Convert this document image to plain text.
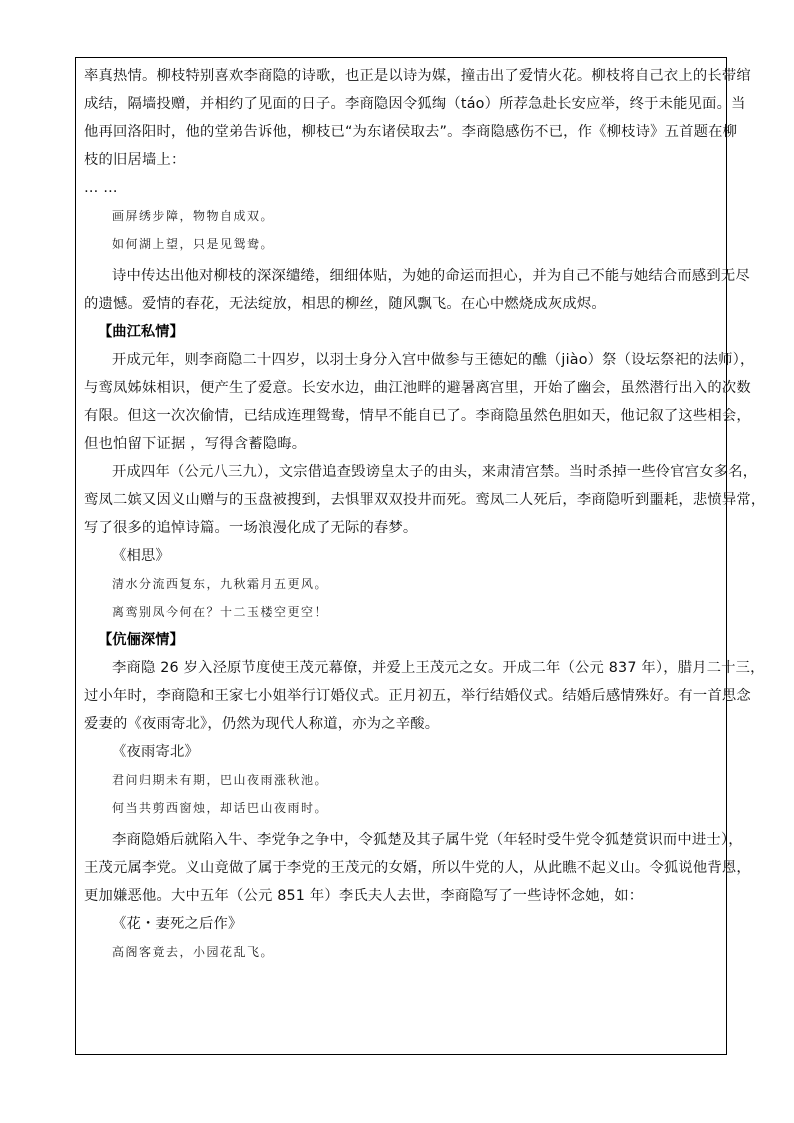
率真热情。柳枝特别喜欢李商隐的诗歌，也正是以诗为媒，撞击出了爱情火花。柳枝将自己衣上的长带绾
成结，隔墙投赠，并相约了见面的日子。李商隐因令狐绹（táo）所荐急赴长安应举，终于未能见面。当
他再回洛阳时，他的堂弟告诉他，柳枝已“为东诸侯取去”。李商隐感伤不已，作《柳枝诗》五首题在柳
枝的旧居墙上：
… …
画屏绣步障，物物自成双。
如何湖上望，只是见鸳鸯。
诗中传达出他对柳枝的深深缱绻，细细体贴，为她的命运而担心，并为自己不能与她结合而感到无尽
的遗憾。爱情的春花，无法绽放，相思的柳丝，随风飘飞。在心中燃烧成灰成烬。
【曲江私情】
开成元年，则李商隐二十四岁，以羽士身分入宫中做参与王德妃的醮（jiào）祭（设坛祭祀的法师），
与鸾凤姊妹相识，便产生了爱意。长安水边，曲江池畔的避暑离宫里，开始了幽会，虽然潜行出入的次数
有限。但这一次次偷情，已结成连理鸳鸯，情早不能自已了。李商隐虽然色胆如天，他记叙了这些相会，
但也怕留下证据 ，写得含蓄隐晦。
开成四年（公元八三九），文宗借追查毁谤皇太子的由头，来肃清宫禁。当时杀掉一些伶官宫女多名，
鸾凤二嫔又因义山赠与的玉盘被搜到，去惧罪双双投井而死。鸾凤二人死后，李商隐听到噩耗，悲愤异常，
写了很多的追悼诗篇。一场浪漫化成了无际的春梦。
《相思》
清水分流西复东，九秋霜月五更风。
离鸾别凤今何在？十二玉楼空更空！
【伉俪深情】
李商隐 26 岁入泾原节度使王茂元幕僚，并爱上王茂元之女。开成二年（公元 837 年），腊月二十三，
过小年时，李商隐和王家七小姐举行订婚仪式。正月初五，举行结婚仪式。结婚后感情殊好。有一首思念
爱妻的《夜雨寄北》，仍然为现代人称道，亦为之辛酸。
《夜雨寄北》
君问归期未有期，巴山夜雨涨秋池。
何当共剪西窗烛，却话巴山夜雨时。
李商隐婚后就陷入牛、李党争之争中，令狐楚及其子属牛党（年轻时受牛党令狐楚赏识而中进士），
王茂元属李党。义山竟做了属于李党的王茂元的女婿，所以牛党的人，从此瞧不起义山。令狐说他背恩，
更加嫌恶他。大中五年（公元 851 年）李氏夫人去世，李商隐写了一些诗怀念她，如：
《花・妻死之后作》
高阁客竟去，小园花乱飞。
